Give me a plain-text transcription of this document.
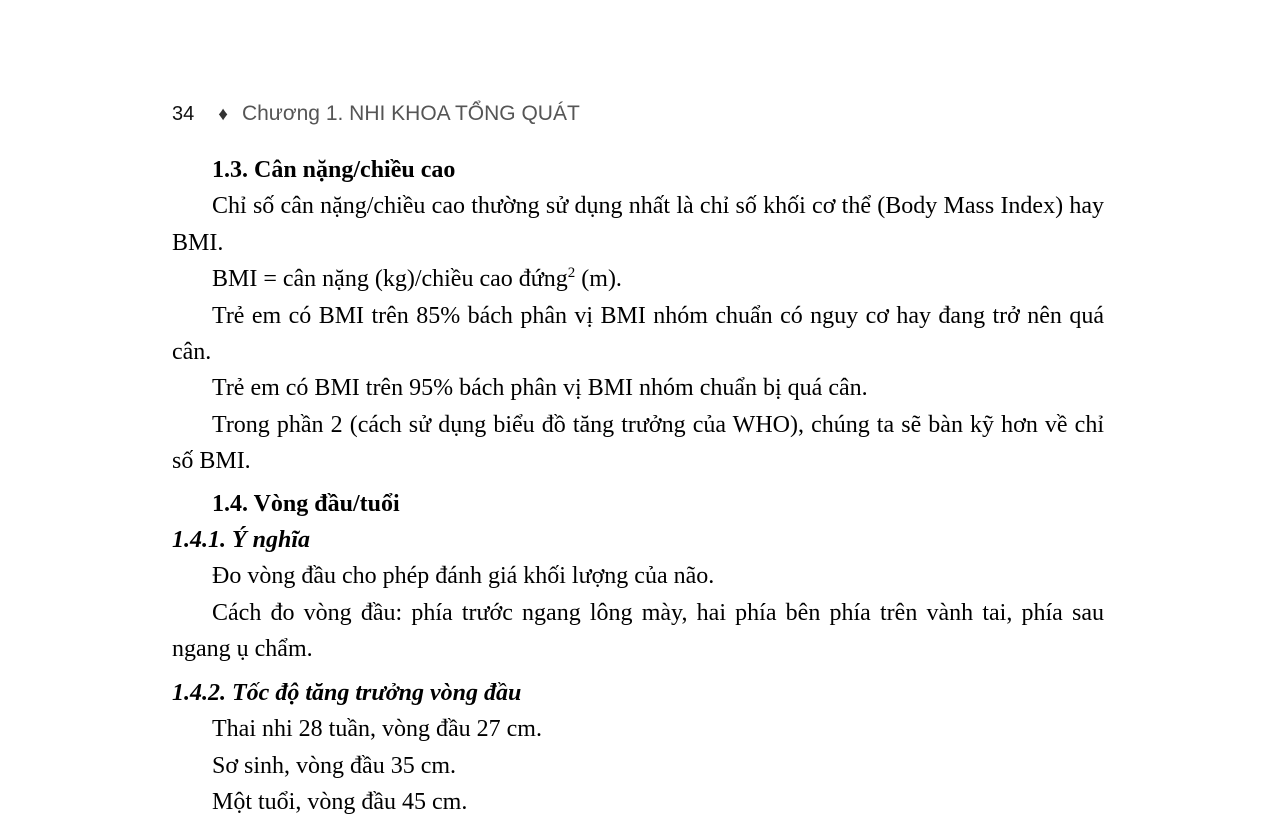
34 ♦ Chương 1. NHI KHOA TỔNG QUÁT

1.3. Cân nặng/chiều cao

Chỉ số cân nặng/chiều cao thường sử dụng nhất là chỉ số khối cơ thể (Body Mass Index) hay BMI.

BMI = cân nặng (kg)/chiều cao đứng$^2$ (m).

Trẻ em có BMI trên 85% bách phân vị BMI nhóm chuẩn có nguy cơ hay đang trở nên quá cân.

Trẻ em có BMI trên 95% bách phân vị BMI nhóm chuẩn bị quá cân.

Trong phần 2 (cách sử dụng biểu đồ tăng trưởng của WHO), chúng ta sẽ bàn kỹ hơn về chỉ số BMI.

1.4. Vòng đầu/tuổi

1.4.1. Ý nghĩa

Đo vòng đầu cho phép đánh giá khối lượng của não.

Cách đo vòng đầu: phía trước ngang lông mày, hai phía bên phía trên vành tai, phía sau ngang ụ chẩm.

1.4.2. Tốc độ tăng trưởng vòng đầu

Thai nhi 28 tuần, vòng đầu 27 cm.

Sơ sinh, vòng đầu 35 cm.

Một tuổi, vòng đầu 45 cm.
